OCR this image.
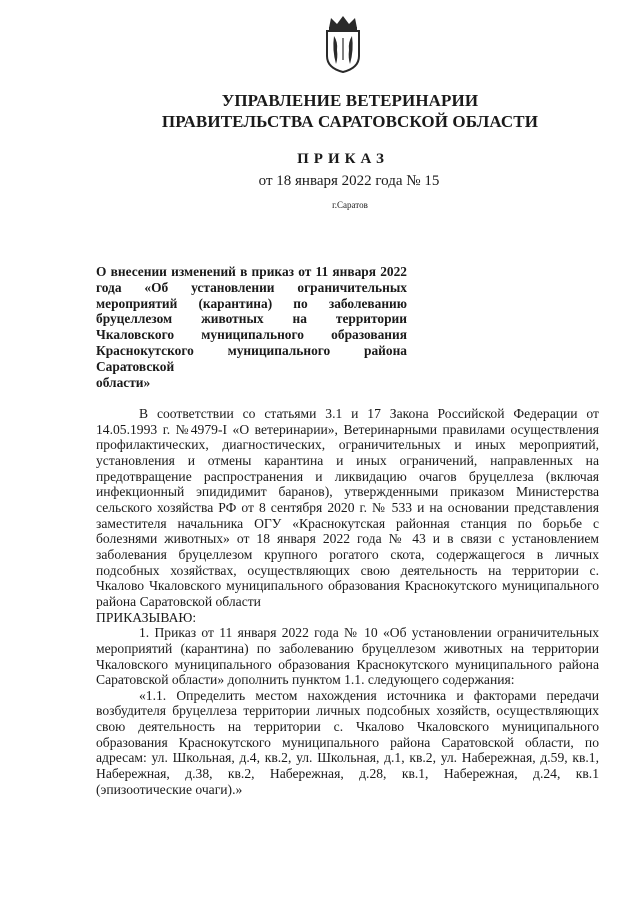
УПРАВЛЕНИЕ ВЕТЕРИНАРИИ
ПРАВИТЕЛЬСТВА САРАТОВСКОЙ ОБЛАСТИ
ПРИКАЗ
от 18 января 2022 года № 15
г.Саратов
О внесении изменений в приказ от 11 января 2022 года «Об установлении ограничительных мероприятий (карантина) по заболеванию бруцеллезом животных на территории Чкаловского муниципального образования Краснокутского муниципального района Саратовской
области»

В соответствии со статьями 3.1 и 17 Закона Российской Федерации от 14.05.1993 г. №4979-I «О ветеринарии», Ветеринарными правилами осуществления профилактических, диагностических, ограничительных и иных мероприятий, установления и отмены карантина и иных ограничений, направленных на предотвращение распространения и ликвидацию очагов бруцеллеза (включая инфекционный эпидидимит баранов), утвержденными приказом Министерства сельского хозяйства РФ от 8 сентября 2020 г. № 533 и на основании представления заместителя начальника ОГУ «Краснокутская районная станция по борьбе с болезнями животных» от 18 января 2022 года № 43 и в связи с установлением заболевания бруцеллезом крупного рогатого скота, содержащегося в личных подсобных хозяйствах, осуществляющих свою деятельность на территории с. Чкалово Чкаловского муниципального образования Краснокутского муниципального района Саратовской области
ПРИКАЗЫВАЮ:

1. Приказ от 11 января 2022 года № 10 «Об установлении ограничительных мероприятий (карантина) по заболеванию бруцеллезом животных на территории Чкаловского муниципального образования Краснокутского муниципального района Саратовской области» дополнить пунктом 1.1. следующего содержания:

«1.1. Определить местом нахождения источника и факторами передачи возбудителя бруцеллеза территории личных подсобных хозяйств, осуществляющих свою деятельность на территории с. Чкалово Чкаловского муниципального образования Краснокутского муниципального района Саратовской области, по адресам: ул. Школьная, д.4, кв.2, ул. Школьная, д.1, кв.2, ул. Набережная, д.59, кв.1, Набережная, д.38, кв.2, Набережная, д.28, кв.1, Набережная, д.24, кв.1 (эпизоотические очаги).»
